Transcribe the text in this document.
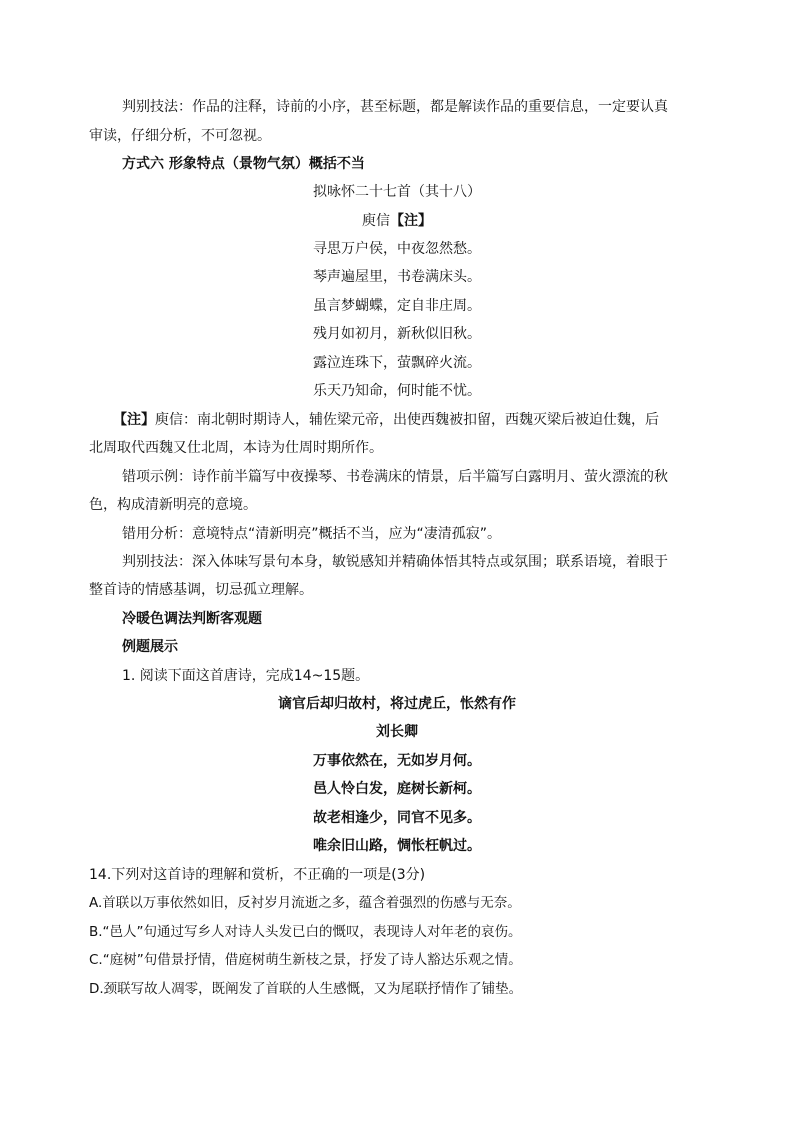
判别技法：作品的注释，诗前的小序，甚至标题，都是解读作品的重要信息，一定要认真
审读，仔细分析，不可忽视。
方式六 形象特点（景物气氛）概括不当
拟咏怀二十七首（其十八）
庾信【注】
寻思万户侯，中夜忽然愁。
琴声遍屋里，书卷满床头。
虽言梦蝴蝶，定自非庄周。
残月如初月，新秋似旧秋。
露泣连珠下，萤飘碎火流。
乐天乃知命，何时能不忧。
【注】庾信：南北朝时期诗人，辅佐梁元帝，出使西魏被扣留，西魏灭梁后被迫仕魏，后
北周取代西魏又仕北周，本诗为仕周时期所作。
错项示例：诗作前半篇写中夜操琴、书卷满床的情景，后半篇写白露明月、萤火漂流的秋
色，构成清新明亮的意境。
错用分析：意境特点“清新明亮”概括不当，应为“凄清孤寂”。
判别技法：深入体味写景句本身，敏锐感知并精确体悟其特点或氛围；联系语境，着眼于
整首诗的情感基调，切忌孤立理解。
冷暖色调法判断客观题
例题展示
1. 阅读下面这首唐诗，完成14~15题。
谪官后却归故村，将过虎丘，怅然有作
刘长卿
万事依然在，无如岁月何。
邑人怜白发，庭树长新柯。
故老相逢少，同官不见多。
唯余旧山路，惆怅枉帆过。
14.下列对这首诗的理解和赏析，不正确的一项是(3分)
A.首联以万事依然如旧，反衬岁月流逝之多，蕴含着强烈的伤感与无奈。
B.“邑人”句通过写乡人对诗人头发已白的慨叹，表现诗人对年老的哀伤。
C.“庭树”句借景抒情，借庭树萌生新枝之景，抒发了诗人豁达乐观之情。
D.颈联写故人凋零，既阐发了首联的人生感慨，又为尾联抒情作了铺垫。
